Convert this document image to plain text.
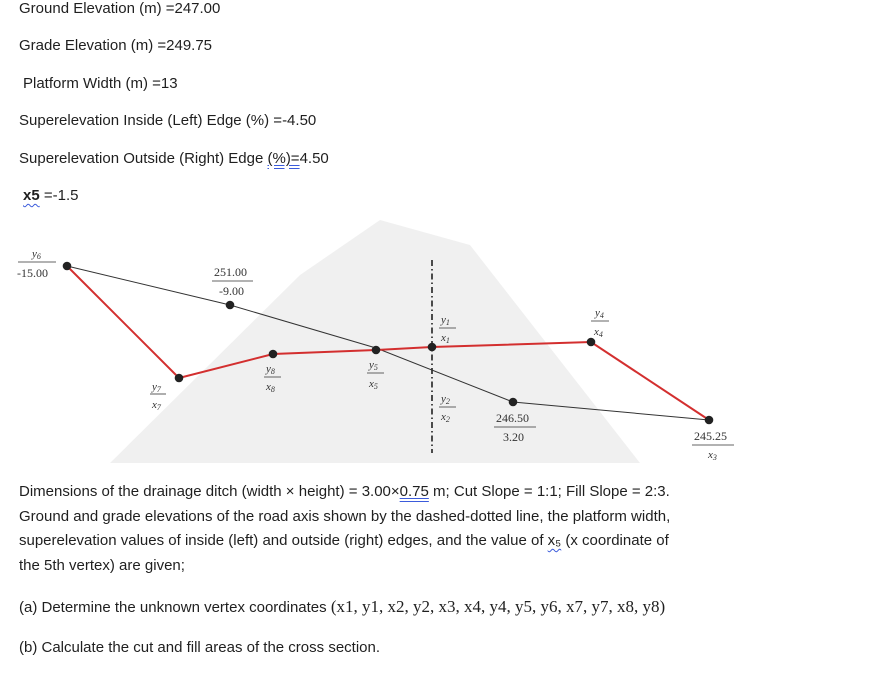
Ground Elevation (m) =247.00
Grade Elevation (m) =249.75
Platform Width (m) =13
Superelevation Inside (Left) Edge (%) =-4.50
Superelevation Outside (Right) Edge (%)=4.50
x5 =-1.5
y6
-15.00	251.00
-9.00
y1
x1
y4
x4
y8
x8
y5
x5
y7
x7
y2
x2	246.50
3.20	245.25
x3
Dimensions of the drainage ditch (width × height) = 3.00×0.75 m; Cut Slope = 1:1; Fill Slope = 2:3.
Ground and grade elevations of the road axis shown by the dashed-dotted line, the platform width,
superelevation values of inside (left) and outside (right) edges, and the value of x₅ (x coordinate of
the 5th vertex) are given;
(a) Determine the unknown vertex coordinates (x1, y1, x2, y2, x3, x4, y4, y5, y6, x7, y7, x8, y8)
(b) Calculate the cut and fill areas of the cross section.
